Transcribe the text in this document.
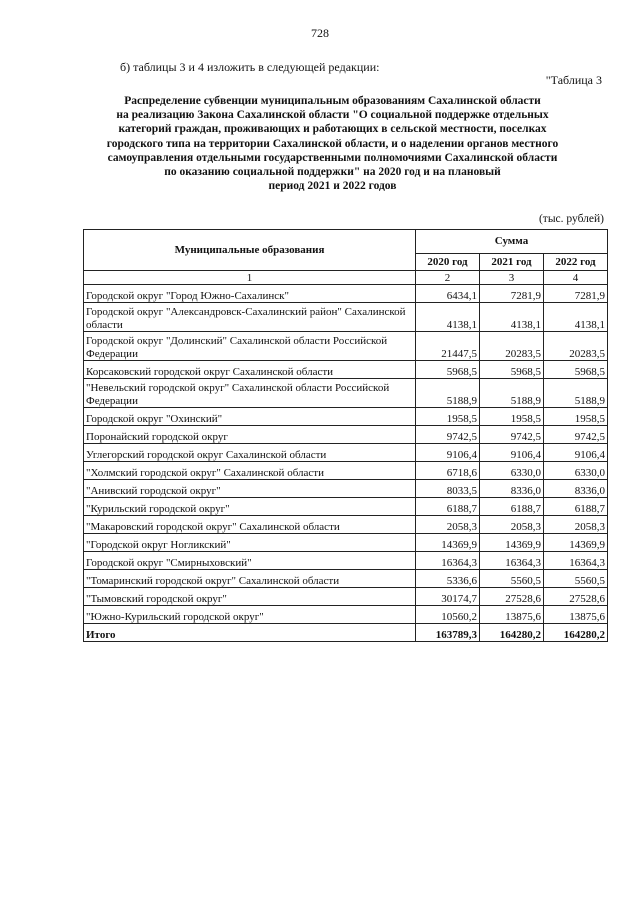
728
б) таблицы 3 и 4 изложить в следующей редакции:
"Таблица 3
Распределение субвенции муниципальным образованиям Сахалинской области
на реализацию Закона Сахалинской области "О социальной поддержке отдельных
категорий граждан, проживающих и работающих в сельской местности, поселках
городского типа на территории Сахалинской области, и о наделении органов местного
самоуправления отдельными государственными полномочиями Сахалинской области
по оказанию социальной поддержки" на 2020 год и на плановый
период 2021 и 2022 годов
(тыс. рублей)
Муниципальные образования	Сумма		
	2020 год	2021 год	2022 год
1	2	3	4
Городской округ "Город Южно-Сахалинск"	6434,1	7281,9	7281,9
Городской округ "Александровск-Сахалинский район" Сахалинской области	4138,1	4138,1	4138,1
Городской округ "Долинский" Сахалинской области Российской Федерации	21447,5	20283,5	20283,5
Корсаковский городской округ Сахалинской области	5968,5	5968,5	5968,5
"Невельский городской округ" Сахалинской области Российской Федерации	5188,9	5188,9	5188,9
Городской округ "Охинский"	1958,5	1958,5	1958,5
Поронайский городской округ	9742,5	9742,5	9742,5
Углегорский городской округ Сахалинской области	9106,4	9106,4	9106,4
"Холмский городской округ" Сахалинской области	6718,6	6330,0	6330,0
"Анивский городской округ"	8033,5	8336,0	8336,0
"Курильский городской округ"	6188,7	6188,7	6188,7
"Макаровский городской округ" Сахалинской области	2058,3	2058,3	2058,3
"Городской округ Ногликский"	14369,9	14369,9	14369,9
Городской округ "Смирныховский"	16364,3	16364,3	16364,3
"Томаринский городской округ" Сахалинской области	5336,6	5560,5	5560,5
"Тымовский городской округ"	30174,7	27528,6	27528,6
"Южно-Курильский городской округ"	10560,2	13875,6	13875,6
Итого	163789,3	164280,2	164280,2
